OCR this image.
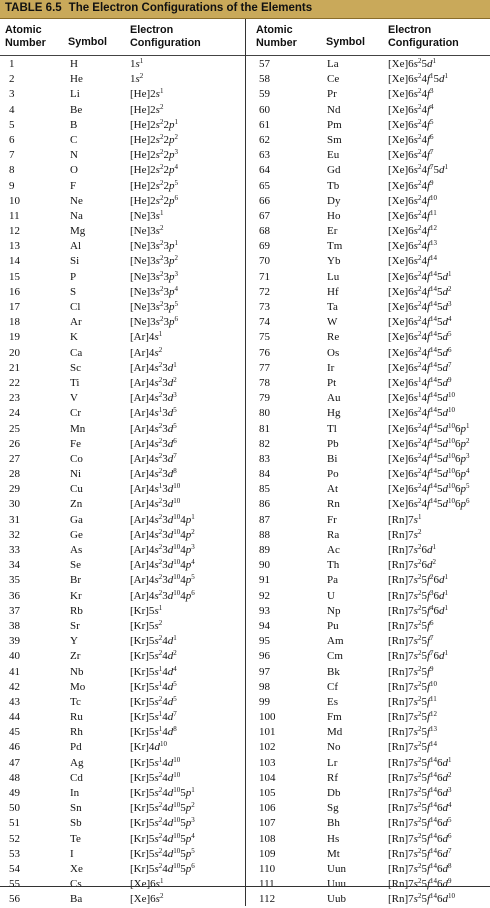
TABLE 6.5 The Electron Configurations of the Elements
Atomic
Number	Symbol
Electron
Configuration
1	H	$1s^1$
2	He	$1s^2$
3	Li	$[He]2s^1$
4	Be	$[He]2s^2$
5	B	$[He]2s^22p^1$
6	C	$[He]2s^22p^2$
7	N	$[He]2s^22p^3$
8	O	$[He]2s^22p^4$
9	F	$[He]2s^22p^5$
10	Ne	$[He]2s^22p^6$
11	Na	$[Ne]3s^1$
12	Mg	$[Ne]3s^2$
13	Al	$[Ne]3s^23p^1$
14	Si	$[Ne]3s^23p^2$
15	P	$[Ne]3s^23p^3$
16	S	$[Ne]3s^23p^4$
17	Cl	$[Ne]3s^23p^5$
18	Ar	$[Ne]3s^23p^6$
19	K	$[Ar]4s^1$
20	Ca	$[Ar]4s^2$
21	Sc	$[Ar]4s^23d^1$
22	Ti	$[Ar]4s^23d^2$
23	V	$[Ar]4s^23d^3$
24	Cr	$[Ar]4s^13d^5$
25	Mn	$[Ar]4s^23d^5$
26	Fe	$[Ar]4s^23d^6$
27	Co	$[Ar]4s^23d^7$
28	Ni	$[Ar]4s^23d^8$
29	Cu	$[Ar]4s^13d^{10}$
30	Zn	$[Ar]4s^23d^{10}$
31	Ga	$[Ar]4s^23d^{10}4p^1$
32	Ge	$[Ar]4s^23d^{10}4p^2$
33	As	$[Ar]4s^23d^{10}4p^3$
34	Se	$[Ar]4s^23d^{10}4p^4$
35	Br	$[Ar]4s^23d^{10}4p^5$
36	Kr	$[Ar]4s^23d^{10}4p^6$
37	Rb	$[Kr]5s^1$
38	Sr	$[Kr]5s^2$
39	Y	$[Kr]5s^24d^1$
40	Zr	$[Kr]5s^24d^2$
41	Nb	$[Kr]5s^14d^4$
42	Mo	$[Kr]5s^14d^5$
43	Tc	$[Kr]5s^24d^5$
44	Ru	$[Kr]5s^14d^7$
45	Rh	$[Kr]5s^14d^8$
46	Pd	$[Kr]4d^{10}$
47	Ag	$[Kr]5s^14d^{10}$
48	Cd	$[Kr]5s^24d^{10}$
49	In	$[Kr]5s^24d^{10}5p^1$
50	Sn	$[Kr]5s^24d^{10}5p^2$
51	Sb	$[Kr]5s^24d^{10}5p^3$
52	Te	$[Kr]5s^24d^{10}5p^4$
53	I	$[Kr]5s^24d^{10}5p^5$
54	Xe	$[Kr]5s^24d^{10}5p^6$
55	Cs	$[Xe]6s^1$
56	Ba	$[Xe]6s^2$
Atomic
Number	Symbol
Electron
Configuration
57	La	$[Xe]6s^25d^1$
58	Ce	$[Xe]6s^24f^15d^1$
59	Pr	$[Xe]6s^24f^3$
60	Nd	$[Xe]6s^24f^4$
61	Pm	$[Xe]6s^24f^5$
62	Sm	$[Xe]6s^24f^6$
63	Eu	$[Xe]6s^24f^7$
64	Gd	$[Xe]6s^24f^75d^1$
65	Tb	$[Xe]6s^24f^9$
66	Dy	$[Xe]6s^24f^{10}$
67	Ho	$[Xe]6s^24f^{11}$
68	Er	$[Xe]6s^24f^{12}$
69	Tm	$[Xe]6s^24f^{13}$
70	Yb	$[Xe]6s^24f^{14}$
71	Lu	$[Xe]6s^24f^{14}5d^1$
72	Hf	$[Xe]6s^24f^{14}5d^2$
73	Ta	$[Xe]6s^24f^{14}5d^3$
74	W	$[Xe]6s^24f^{14}5d^4$
75	Re	$[Xe]6s^24f^{14}5d^5$
76	Os	$[Xe]6s^24f^{14}5d^6$
77	Ir	$[Xe]6s^24f^{14}5d^7$
78	Pt	$[Xe]6s^14f^{14}5d^9$
79	Au	$[Xe]6s^14f^{14}5d^{10}$
80	Hg	$[Xe]6s^24f^{14}5d^{10}$
81	Tl	$[Xe]6s^24f^{14}5d^{10}6p^1$
82	Pb	$[Xe]6s^24f^{14}5d^{10}6p^2$
83	Bi	$[Xe]6s^24f^{14}5d^{10}6p^3$
84	Po	$[Xe]6s^24f^{14}5d^{10}6p^4$
85	At	$[Xe]6s^24f^{14}5d^{10}6p^5$
86	Rn	$[Xe]6s^24f^{14}5d^{10}6p^6$
87	Fr	$[Rn]7s^1$
88	Ra	$[Rn]7s^2$
89	Ac	$[Rn]7s^26d^1$
90	Th	$[Rn]7s^26d^2$
91	Pa	$[Rn]7s^25f^26d^1$
92	U	$[Rn]7s^25f^36d^1$
93	Np	$[Rn]7s^25f^46d^1$
94	Pu	$[Rn]7s^25f^6$
95	Am	$[Rn]7s^25f^7$
96	Cm	$[Rn]7s^25f^76d^1$
97	Bk	$[Rn]7s^25f^9$
98	Cf	$[Rn]7s^25f^{10}$
99	Es	$[Rn]7s^25f^{11}$
100	Fm	$[Rn]7s^25f^{12}$
101	Md	$[Rn]7s^25f^{13}$
102	No	$[Rn]7s^25f^{14}$
103	Lr	$[Rn]7s^25f^{14}6d^1$
104	Rf	$[Rn]7s^25f^{14}6d^2$
105	Db	$[Rn]7s^25f^{14}6d^3$
106	Sg	$[Rn]7s^25f^{14}6d^4$
107	Bh	$[Rn]7s^25f^{14}6d^5$
108	Hs	$[Rn]7s^25f^{14}6d^6$
109	Mt	$[Rn]7s^25f^{14}6d^7$
110	Uun	$[Rn]7s^25f^{14}6d^8$
111	Uuu	$[Rn]7s^25f^{14}6d^9$
112	Uub	$[Rn]7s^25f^{14}6d^{10}$
